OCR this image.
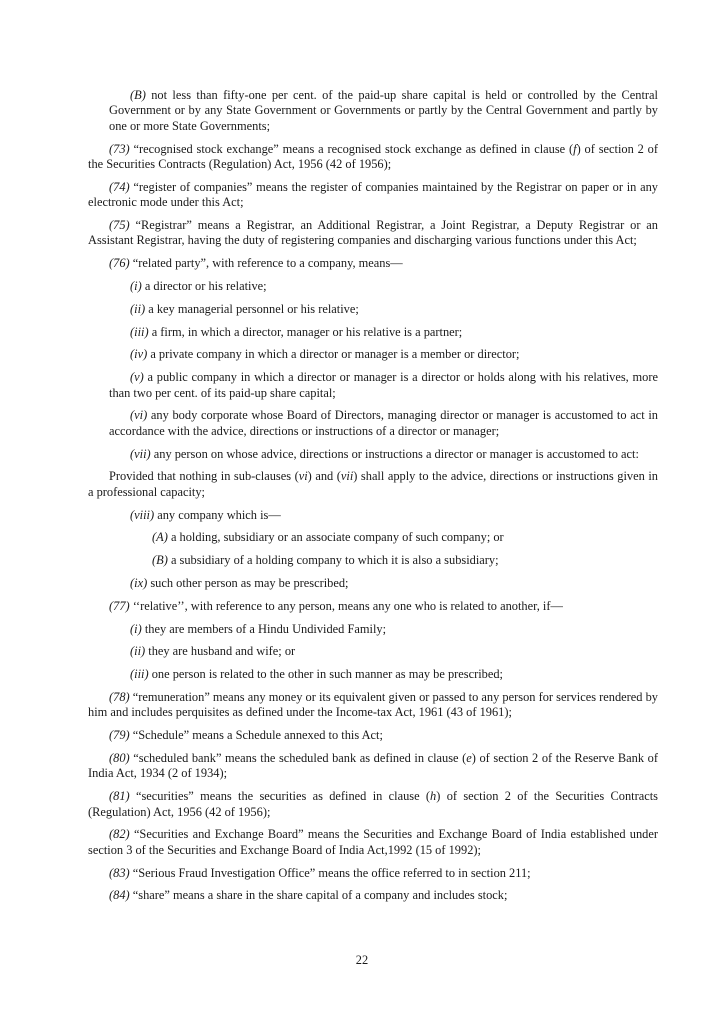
(B) not less than fifty-one per cent. of the paid-up share capital is held or controlled by the Central Government or by any State Government or Governments or partly by the Central Government and partly by one or more State Governments;

(73) “recognised stock exchange” means a recognised stock exchange as defined in clause (f) of section 2 of the Securities Contracts (Regulation) Act, 1956 (42 of 1956);

(74) “register of companies” means the register of companies maintained by the Registrar on paper or in any electronic mode under this Act;

(75) “Registrar” means a Registrar, an Additional Registrar, a Joint Registrar, a Deputy Registrar or an Assistant Registrar, having the duty of registering companies and discharging various functions under this Act;

(76) “related party”, with reference to a company, means—

(i) a director or his relative;

(ii) a key managerial personnel or his relative;

(iii) a firm, in which a director, manager or his relative is a partner;

(iv) a private company in which a director or manager is a member or director;

(v) a public company in which a director or manager is a director or holds along with his relatives, more than two per cent. of its paid-up share capital;

(vi) any body corporate whose Board of Directors, managing director or manager is accustomed to act in accordance with the advice, directions or instructions of a director or manager;

(vii) any person on whose advice, directions or instructions a director or manager is accustomed to act:

Provided that nothing in sub-clauses (vi) and (vii) shall apply to the advice, directions or instructions given in a professional capacity;

(viii) any company which is—

(A) a holding, subsidiary or an associate company of such company; or

(B) a subsidiary of a holding company to which it is also a subsidiary;

(ix) such other person as may be prescribed;

(77) ‘‘relative’’, with reference to any person, means any one who is related to another, if—

(i) they are members of a Hindu Undivided Family;

(ii) they are husband and wife; or

(iii) one person is related to the other in such manner as may be prescribed;

(78) “remuneration” means any money or its equivalent given or passed to any person for services rendered by him and includes perquisites as defined under the Income-tax Act, 1961 (43 of 1961);

(79) “Schedule” means a Schedule annexed to this Act;

(80) “scheduled bank” means the scheduled bank as defined in clause (e) of section 2 of the Reserve Bank of India Act, 1934 (2 of 1934);

(81) “securities” means the securities as defined in clause (h) of section 2 of the Securities Contracts (Regulation) Act, 1956 (42 of 1956);

(82) “Securities and Exchange Board” means the Securities and Exchange Board of India established under section 3 of the Securities and Exchange Board of India Act,1992 (15 of 1992);

(83) “Serious Fraud Investigation Office” means the office referred to in section 211;

(84) “share” means a share in the share capital of a company and includes stock;

22
